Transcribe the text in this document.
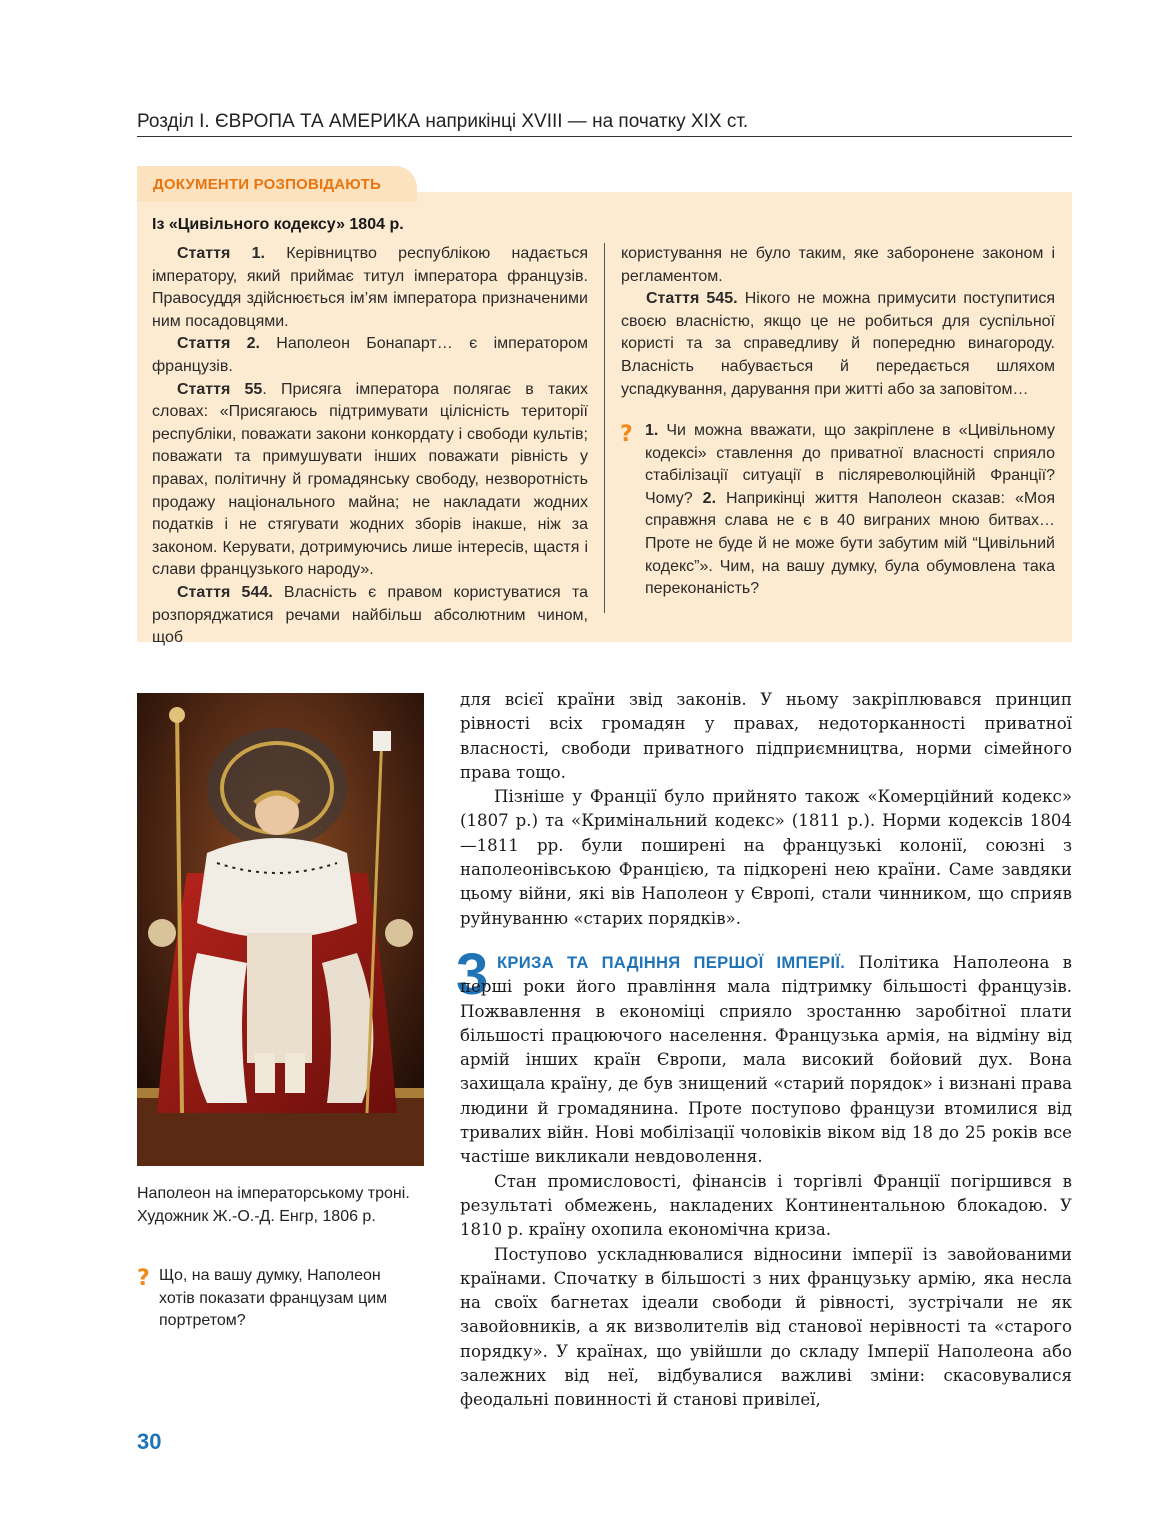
Розділ I. ЄВРОПА ТА АМЕРИКА наприкінці XVIII — на початку XIX ст.
ДОКУМЕНТИ РОЗПОВІДАЮТЬ
Із «Цивільного кодексу» 1804 р.

Стаття 1. Керівництво республікою надається імператору, який приймає титул імператора французів. Правосуддя здійснюється ім’ям імператора призначеними ним посадовцями.

Стаття 2. Наполеон Бонапарт… є імператором французів.

Стаття 55. Присяга імператора полягає в таких словах: «Присягаюсь підтримувати цілісність території республіки, поважати закони конкордату і свободи культів; поважати та примушувати інших поважати рівність у правах, політичну й громадянську свободу, незворотність продажу національного майна; не накладати жодних податків і не стягувати жодних зборів інакше, ніж за законом. Керувати, дотримуючись лише інтересів, щастя і слави французького народу».

Стаття 544. Власність є правом користуватися та розпоряджатися речами найбільш абсолютним чином, щоб

користування не було таким, яке заборонене законом і регламентом.

Стаття 545. Нікого не можна примусити поступитися своєю власністю, якщо це не робиться для суспільної користі та за справедливу й попередню винагороду. Власність набувається й передається шляхом успадкування, дарування при житті або за заповітом…

? 1. Чи можна вважати, що закріплене в «Цивільному кодексі» ставлення до приватної власності сприяло стабілізації ситуації в післяреволюційній Франції? Чому? 2. Наприкінці життя Наполеон сказав: «Моя справжня слава не є в 40 виграних мною битвах… Проте не буде й не може бути забутим мій “Цивільний кодекс”». Чим, на вашу думку, була обумовлена така переконаність?
Наполеон на імператорському троні. Художник Ж.-О.-Д. Енгр, 1806 р.
? Що, на вашу думку, Наполеон хотів показати французам цим портретом?

для всієї країни звід законів. У ньому закріплювався принцип рівності всіх громадян у правах, недоторканності приватної власності, свободи приватного підприємництва, норми сімейного права тощо.

Пізніше у Франції було прийнято також «Комерційний кодекс» (1807 р.) та «Кримінальний кодекс» (1811 р.). Норми кодексів 1804—1811 рр. були поширені на французькі колонії, союзні з наполеонівською Францією, та підкорені нею країни. Саме завдяки цьому війни, які вів Наполеон у Європі, стали чинником, що сприяв руйнуванню «старих порядків».

3 КРИЗА ТА ПАДІННЯ ПЕРШОЇ ІМПЕРІЇ. Політика Наполеона в перші роки його правління мала підтримку більшості французів. Пожвавлення в економіці сприяло зростанню заробітної плати більшості працюючого населення. Французька армія, на відміну від армій інших країн Європи, мала високий бойовий дух. Вона захищала країну, де був знищений «старий порядок» і визнані права людини й громадянина. Проте поступово французи втомилися від тривалих війн. Нові мобілізації чоловіків віком від 18 до 25 років все частіше викликали невдоволення.

Стан промисловості, фінансів і торгівлі Франції погіршився в результаті обмежень, накладених Континентальною блокадою. У 1810 р. країну охопила економічна криза.

Поступово ускладнювалися відносини імперії із завойованими країнами. Спочатку в більшості з них французьку армію, яка несла на своїх багнетах ідеали свободи й рівності, зустрічали не як завойовників, а як визволителів від станової нерівності та «старого порядку». У країнах, що увійшли до складу Імперії Наполеона або залежних від неї, відбувалися важливі зміни: скасовувалися феодальні повинності й станові привілеї,

30
